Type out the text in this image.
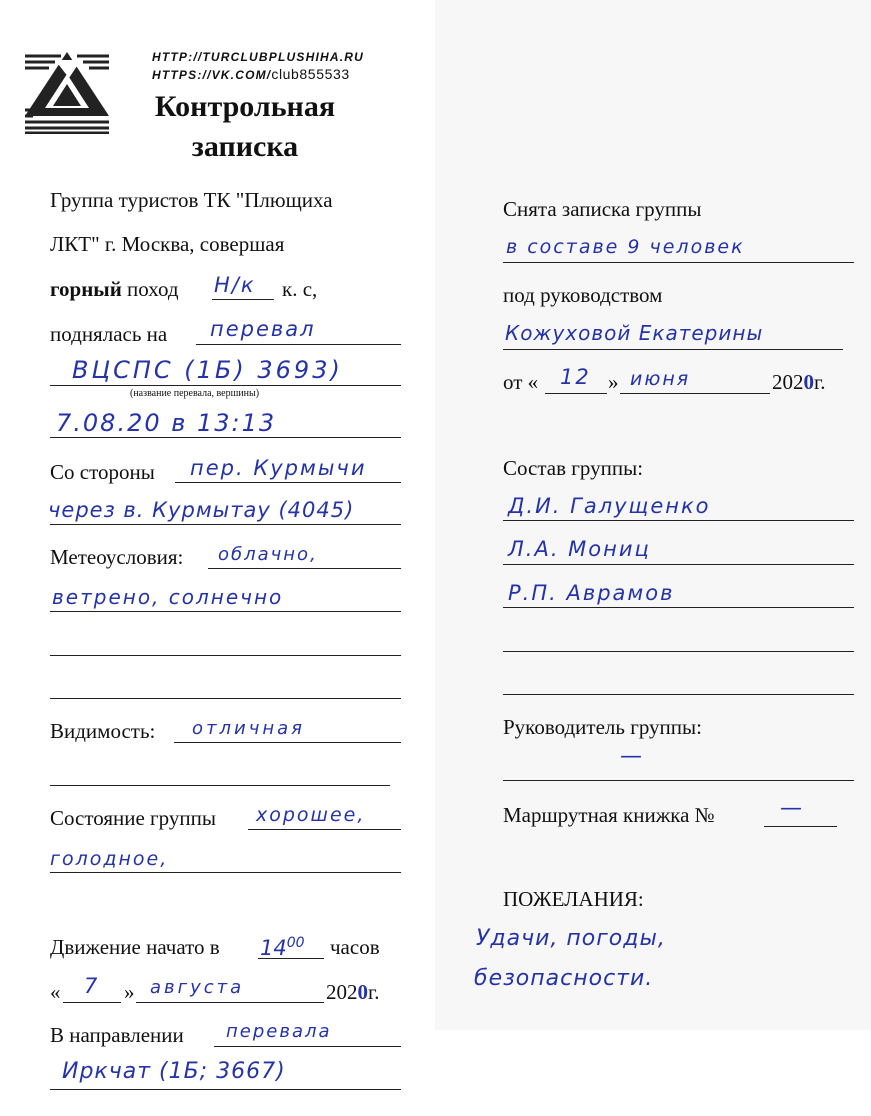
HTTP://TURCLUBPLUSHIHA.RU
HTTPS://VK.COM/club855533
Контрольная
записка
Группа туристов ТК "Плющиха
ЛКТ" г. Москва, совершая
горный поход Н/к к. с,
поднялась на перевал
ВЦСПС (1Б) 3693)
(название перевала, вершины)
7.08.20 в 13:13
Со стороны пер. Курмычи
через в. Курмытау (4045)
Метеоусловия: облачно,
ветрено, солнечно
Видимость: отличная
Состояние группы хорошее,
голодное,
Движение начато в $14^{00}$ часов
« 7 » августа	2020г.
В направлении перевала
Иркчат (1Б; 3667)
Снята записка группы
в составе 9 человек
под руководством
Кожуховой Екатерины
от « 12 » июня	2020г.
Состав группы:
Д.И. Галущенко
Л.А. Мониц
Р.П. Аврамов
Руководитель группы:
—
Маршрутная книжка №	—
ПОЖЕЛАНИЯ:
Удачи, погоды,
безопасности.
